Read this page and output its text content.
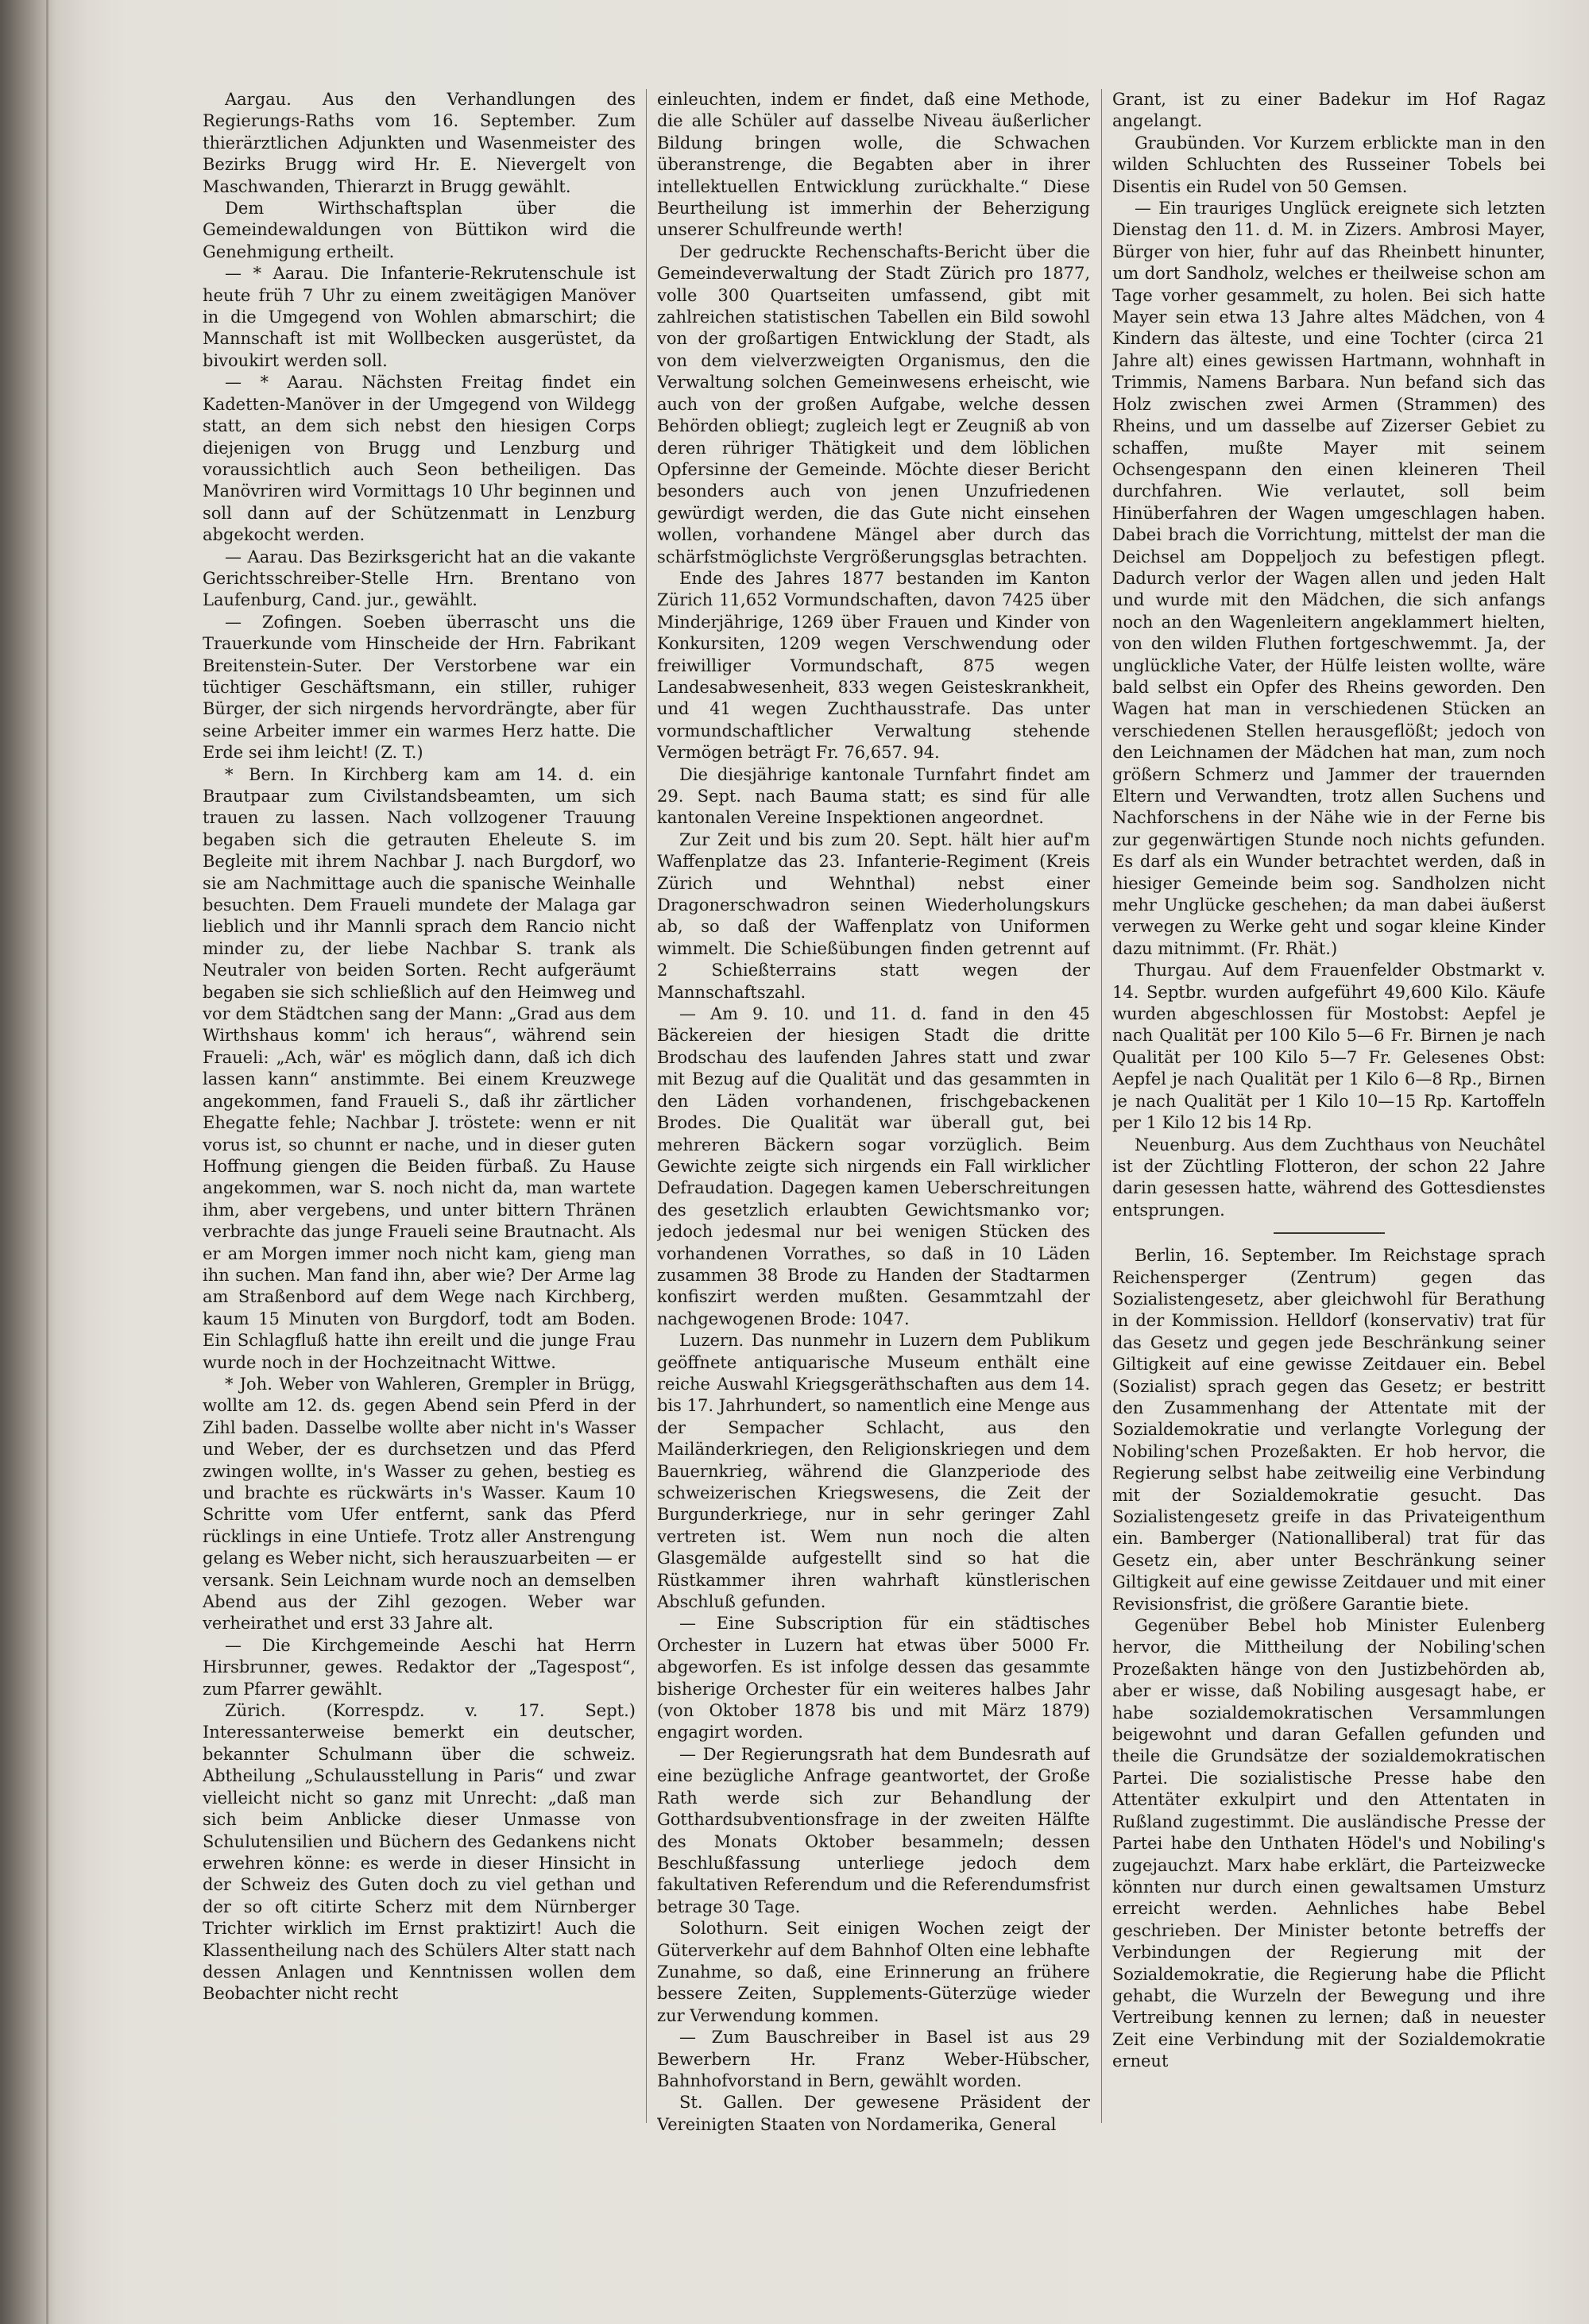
Aargau. Aus den Verhandlungen des Regierungs-Raths vom 16. September. Zum thierärztlichen Adjunkten und Wasenmeister des Bezirks Brugg wird Hr. E. Nievergelt von Maschwanden, Thierarzt in Brugg gewählt.

Dem Wirthschaftsplan über die Gemeindewaldungen von Büttikon wird die Genehmigung ertheilt.

— * Aarau. Die Infanterie-Rekrutenschule ist heute früh 7 Uhr zu einem zweitägigen Manöver in die Umgegend von Wohlen abmarschirt; die Mannschaft ist mit Wollbecken ausgerüstet, da bivoukirt werden soll.

— * Aarau. Nächsten Freitag findet ein Kadetten-Manöver in der Umgegend von Wildegg statt, an dem sich nebst den hiesigen Corps diejenigen von Brugg und Lenzburg und voraussichtlich auch Seon betheiligen. Das Manövriren wird Vormittags 10 Uhr beginnen und soll dann auf der Schützenmatt in Lenzburg abgekocht werden.

— Aarau. Das Bezirksgericht hat an die vakante Gerichtsschreiber-Stelle Hrn. Brentano von Laufenburg, Cand. jur., gewählt.

— Zofingen. Soeben überrascht uns die Trauerkunde vom Hinscheide der Hrn. Fabrikant Breitenstein-Suter. Der Verstorbene war ein tüchtiger Geschäftsmann, ein stiller, ruhiger Bürger, der sich nirgends hervordrängte, aber für seine Arbeiter immer ein warmes Herz hatte. Die Erde sei ihm leicht! (Z. T.)

* Bern. In Kirchberg kam am 14. d. ein Brautpaar zum Civilstandsbeamten, um sich trauen zu lassen. Nach vollzogener Trauung begaben sich die getrauten Eheleute S. im Begleite mit ihrem Nachbar J. nach Burgdorf, wo sie am Nachmittage auch die spanische Weinhalle besuchten. Dem Fraueli mundete der Malaga gar lieblich und ihr Mannli sprach dem Rancio nicht minder zu, der liebe Nachbar S. trank als Neutraler von beiden Sorten. Recht aufgeräumt begaben sie sich schließlich auf den Heimweg und vor dem Städtchen sang der Mann: „Grad aus dem Wirthshaus komm' ich heraus“, während sein Fraueli: „Ach, wär' es möglich dann, daß ich dich lassen kann“ anstimmte. Bei einem Kreuzwege angekommen, fand Fraueli S., daß ihr zärtlicher Ehegatte fehle; Nachbar J. tröstete: wenn er nit vorus ist, so chunnt er nache, und in dieser guten Hoffnung giengen die Beiden fürbaß. Zu Hause angekommen, war S. noch nicht da, man wartete ihm, aber vergebens, und unter bittern Thränen verbrachte das junge Fraueli seine Brautnacht. Als er am Morgen immer noch nicht kam, gieng man ihn suchen. Man fand ihn, aber wie? Der Arme lag am Straßenbord auf dem Wege nach Kirchberg, kaum 15 Minuten von Burgdorf, todt am Boden. Ein Schlagfluß hatte ihn ereilt und die junge Frau wurde noch in der Hochzeitnacht Wittwe.

* Joh. Weber von Wahleren, Grempler in Brügg, wollte am 12. ds. gegen Abend sein Pferd in der Zihl baden. Dasselbe wollte aber nicht in's Wasser und Weber, der es durchsetzen und das Pferd zwingen wollte, in's Wasser zu gehen, bestieg es und brachte es rückwärts in's Wasser. Kaum 10 Schritte vom Ufer entfernt, sank das Pferd rücklings in eine Untiefe. Trotz aller Anstrengung gelang es Weber nicht, sich herauszuarbeiten — er versank. Sein Leichnam wurde noch an demselben Abend aus der Zihl gezogen. Weber war verheirathet und erst 33 Jahre alt.

— Die Kirchgemeinde Aeschi hat Herrn Hirsbrunner, gewes. Redaktor der „Tagespost“, zum Pfarrer gewählt.

Zürich. (Korrespdz. v. 17. Sept.) Interessanterweise bemerkt ein deutscher, bekannter Schulmann über die schweiz. Abtheilung „Schulausstellung in Paris“ und zwar vielleicht nicht so ganz mit Unrecht: „daß man sich beim Anblicke dieser Unmasse von Schulutensilien und Büchern des Gedankens nicht erwehren könne: es werde in dieser Hinsicht in der Schweiz des Guten doch zu viel gethan und der so oft citirte Scherz mit dem Nürnberger Trichter wirklich im Ernst praktizirt! Auch die Klassentheilung nach des Schülers Alter statt nach dessen Anlagen und Kenntnissen wollen dem Beobachter nicht recht

einleuchten, indem er findet, daß eine Methode, die alle Schüler auf dasselbe Niveau äußerlicher Bildung bringen wolle, die Schwachen überanstrenge, die Begabten aber in ihrer intellektuellen Entwicklung zurückhalte.“ Diese Beurtheilung ist immerhin der Beherzigung unserer Schulfreunde werth!

Der gedruckte Rechenschafts-Bericht über die Gemeindeverwaltung der Stadt Zürich pro 1877, volle 300 Quartseiten umfassend, gibt mit zahlreichen statistischen Tabellen ein Bild sowohl von der großartigen Entwicklung der Stadt, als von dem vielverzweigten Organismus, den die Verwaltung solchen Gemeinwesens erheischt, wie auch von der großen Aufgabe, welche dessen Behörden obliegt; zugleich legt er Zeugniß ab von deren rühriger Thätigkeit und dem löblichen Opfersinne der Gemeinde. Möchte dieser Bericht besonders auch von jenen Unzufriedenen gewürdigt werden, die das Gute nicht einsehen wollen, vorhandene Mängel aber durch das schärfstmöglichste Vergrößerungsglas betrachten.

Ende des Jahres 1877 bestanden im Kanton Zürich 11,652 Vormundschaften, davon 7425 über Minderjährige, 1269 über Frauen und Kinder von Konkursiten, 1209 wegen Verschwendung oder freiwilliger Vormundschaft, 875 wegen Landesabwesenheit, 833 wegen Geisteskrankheit, und 41 wegen Zuchthausstrafe. Das unter vormundschaftlicher Verwaltung stehende Vermögen beträgt Fr. 76,657. 94.

Die diesjährige kantonale Turnfahrt findet am 29. Sept. nach Bauma statt; es sind für alle kantonalen Vereine Inspektionen angeordnet.

Zur Zeit und bis zum 20. Sept. hält hier auf'm Waffenplatze das 23. Infanterie-Regiment (Kreis Zürich und Wehnthal) nebst einer Dragonerschwadron seinen Wiederholungskurs ab, so daß der Waffenplatz von Uniformen wimmelt. Die Schießübungen finden getrennt auf 2 Schießterrains statt wegen der Mannschaftszahl.

— Am 9. 10. und 11. d. fand in den 45 Bäckereien der hiesigen Stadt die dritte Brodschau des laufenden Jahres statt und zwar mit Bezug auf die Qualität und das gesammten in den Läden vorhandenen, frischgebackenen Brodes. Die Qualität war überall gut, bei mehreren Bäckern sogar vorzüglich. Beim Gewichte zeigte sich nirgends ein Fall wirklicher Defraudation. Dagegen kamen Ueberschreitungen des gesetzlich erlaubten Gewichtsmanko vor; jedoch jedesmal nur bei wenigen Stücken des vorhandenen Vorrathes, so daß in 10 Läden zusammen 38 Brode zu Handen der Stadtarmen konfiszirt werden mußten. Gesammtzahl der nachgewogenen Brode: 1047.

Luzern. Das nunmehr in Luzern dem Publikum geöffnete antiquarische Museum enthält eine reiche Auswahl Kriegsgeräthschaften aus dem 14. bis 17. Jahrhundert, so namentlich eine Menge aus der Sempacher Schlacht, aus den Mailänderkriegen, den Religionskriegen und dem Bauernkrieg, während die Glanzperiode des schweizerischen Kriegswesens, die Zeit der Burgunderkriege, nur in sehr geringer Zahl vertreten ist. Wem nun noch die alten Glasgemälde aufgestellt sind so hat die Rüstkammer ihren wahrhaft künstlerischen Abschluß gefunden.

— Eine Subscription für ein städtisches Orchester in Luzern hat etwas über 5000 Fr. abgeworfen. Es ist infolge dessen das gesammte bisherige Orchester für ein weiteres halbes Jahr (von Oktober 1878 bis und mit März 1879) engagirt worden.

— Der Regierungsrath hat dem Bundesrath auf eine bezügliche Anfrage geantwortet, der Große Rath werde sich zur Behandlung der Gotthardsubventionsfrage in der zweiten Hälfte des Monats Oktober besammeln; dessen Beschlußfassung unterliege jedoch dem fakultativen Referendum und die Referendumsfrist betrage 30 Tage.

Solothurn. Seit einigen Wochen zeigt der Güterverkehr auf dem Bahnhof Olten eine lebhafte Zunahme, so daß, eine Erinnerung an frühere bessere Zeiten, Supplements-Güterzüge wieder zur Verwendung kommen.

— Zum Bauschreiber in Basel ist aus 29 Bewerbern Hr. Franz Weber-Hübscher, Bahnhofvorstand in Bern, gewählt worden.

St. Gallen. Der gewesene Präsident der Vereinigten Staaten von Nordamerika, General

Grant, ist zu einer Badekur im Hof Ragaz angelangt.

Graubünden. Vor Kurzem erblickte man in den wilden Schluchten des Russeiner Tobels bei Disentis ein Rudel von 50 Gemsen.

— Ein trauriges Unglück ereignete sich letzten Dienstag den 11. d. M. in Zizers. Ambrosi Mayer, Bürger von hier, fuhr auf das Rheinbett hinunter, um dort Sandholz, welches er theilweise schon am Tage vorher gesammelt, zu holen. Bei sich hatte Mayer sein etwa 13 Jahre altes Mädchen, von 4 Kindern das älteste, und eine Tochter (circa 21 Jahre alt) eines gewissen Hartmann, wohnhaft in Trimmis, Namens Barbara. Nun befand sich das Holz zwischen zwei Armen (Strammen) des Rheins, und um dasselbe auf Zizerser Gebiet zu schaffen, mußte Mayer mit seinem Ochsengespann den einen kleineren Theil durchfahren. Wie verlautet, soll beim Hinüberfahren der Wagen umgeschlagen haben. Dabei brach die Vorrichtung, mittelst der man die Deichsel am Doppeljoch zu befestigen pflegt. Dadurch verlor der Wagen allen und jeden Halt und wurde mit den Mädchen, die sich anfangs noch an den Wagenleitern angeklammert hielten, von den wilden Fluthen fortgeschwemmt. Ja, der unglückliche Vater, der Hülfe leisten wollte, wäre bald selbst ein Opfer des Rheins geworden. Den Wagen hat man in verschiedenen Stücken an verschiedenen Stellen herausgeflößt; jedoch von den Leichnamen der Mädchen hat man, zum noch größern Schmerz und Jammer der trauernden Eltern und Verwandten, trotz allen Suchens und Nachforschens in der Nähe wie in der Ferne bis zur gegenwärtigen Stunde noch nichts gefunden. Es darf als ein Wunder betrachtet werden, daß in hiesiger Gemeinde beim sog. Sandholzen nicht mehr Unglücke geschehen; da man dabei äußerst verwegen zu Werke geht und sogar kleine Kinder dazu mitnimmt. (Fr. Rhät.)

Thurgau. Auf dem Frauenfelder Obstmarkt v. 14. Septbr. wurden aufgeführt 49,600 Kilo. Käufe wurden abgeschlossen für Mostobst: Aepfel je nach Qualität per 100 Kilo 5—6 Fr. Birnen je nach Qualität per 100 Kilo 5—7 Fr. Gelesenes Obst: Aepfel je nach Qualität per 1 Kilo 6—8 Rp., Birnen je nach Qualität per 1 Kilo 10—15 Rp. Kartoffeln per 1 Kilo 12 bis 14 Rp.

Neuenburg. Aus dem Zuchthaus von Neuchâtel ist der Züchtling Flotteron, der schon 22 Jahre darin gesessen hatte, während des Gottesdienstes entsprungen.

Berlin, 16. September. Im Reichstage sprach Reichensperger (Zentrum) gegen das Sozialistengesetz, aber gleichwohl für Berathung in der Kommission. Helldorf (konservativ) trat für das Gesetz und gegen jede Beschränkung seiner Giltigkeit auf eine gewisse Zeitdauer ein. Bebel (Sozialist) sprach gegen das Gesetz; er bestritt den Zusammenhang der Attentate mit der Sozialdemokratie und verlangte Vorlegung der Nobiling'schen Prozeßakten. Er hob hervor, die Regierung selbst habe zeitweilig eine Verbindung mit der Sozialdemokratie gesucht. Das Sozialistengesetz greife in das Privateigenthum ein. Bamberger (Nationalliberal) trat für das Gesetz ein, aber unter Beschränkung seiner Giltigkeit auf eine gewisse Zeitdauer und mit einer Revisionsfrist, die größere Garantie biete.

Gegenüber Bebel hob Minister Eulenberg hervor, die Mittheilung der Nobiling'schen Prozeßakten hänge von den Justizbehörden ab, aber er wisse, daß Nobiling ausgesagt habe, er habe sozialdemokratischen Versammlungen beigewohnt und daran Gefallen gefunden und theile die Grundsätze der sozialdemokratischen Partei. Die sozialistische Presse habe den Attentäter exkulpirt und den Attentaten in Rußland zugestimmt. Die ausländische Presse der Partei habe den Unthaten Hödel's und Nobiling's zugejauchzt. Marx habe erklärt, die Parteizwecke könnten nur durch einen gewaltsamen Umsturz erreicht werden. Aehnliches habe Bebel geschrieben. Der Minister betonte betreffs der Verbindungen der Regierung mit der Sozialdemokratie, die Regierung habe die Pflicht gehabt, die Wurzeln der Bewegung und ihre Vertreibung kennen zu lernen; daß in neuester Zeit eine Verbindung mit der Sozialdemokratie erneut
